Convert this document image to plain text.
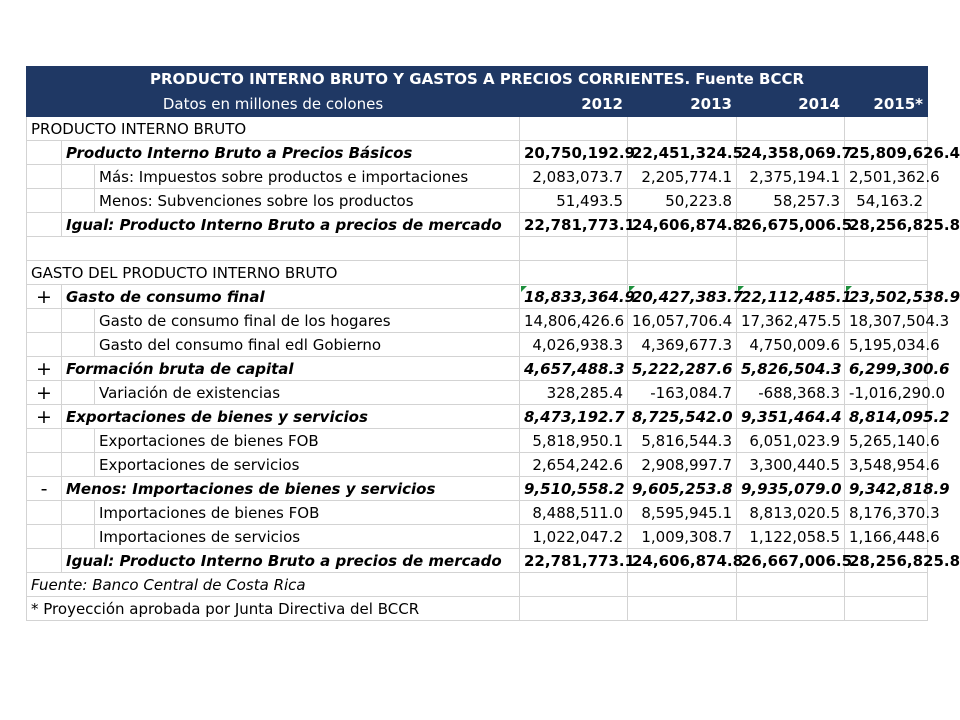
PRODUCTO INTERNO BRUTO Y GASTOS A PRECIOS CORRIENTES. Fuente BCCR						
Datos en millones de colones			2012	2013	2014	2015*
PRODUCTO INTERNO BRUTO						
	Producto Interno Bruto a Precios Básicos		20,750,192.9	22,451,324.5	24,358,069.7	25,809,626.4
		Más: Impuestos sobre productos e importaciones	2,083,073.7	2,205,774.1	2,375,194.1	2,501,362.6
		Menos: Subvenciones sobre los productos	51,493.5	50,223.8	58,257.3	54,163.2
	Igual: Producto Interno Bruto a precios de mercado		22,781,773.1	24,606,874.8	26,675,006.5	28,256,825.8

GASTO DEL PRODUCTO INTERNO BRUTO						
+	Gasto de consumo final		18,833,364.9	20,427,383.7	22,112,485.1	23,502,538.9
		Gasto de consumo final de los hogares	14,806,426.6	16,057,706.4	17,362,475.5	18,307,504.3
		Gasto del consumo final edl Gobierno	4,026,938.3	4,369,677.3	4,750,009.6	5,195,034.6
+	Formación bruta de capital		4,657,488.3	5,222,287.6	5,826,504.3	6,299,300.6
+		Variación de existencias	328,285.4	-163,084.7	-688,368.3	-1,016,290.0
+	Exportaciones de bienes y servicios		8,473,192.7	8,725,542.0	9,351,464.4	8,814,095.2
		Exportaciones de bienes FOB	5,818,950.1	5,816,544.3	6,051,023.9	5,265,140.6
		Exportaciones de servicios	2,654,242.6	2,908,997.7	3,300,440.5	3,548,954.6
-	Menos: Importaciones de bienes y servicios		9,510,558.2	9,605,253.8	9,935,079.0	9,342,818.9
		Importaciones de bienes FOB	8,488,511.0	8,595,945.1	8,813,020.5	8,176,370.3
		Importaciones de servicios	1,022,047.2	1,009,308.7	1,122,058.5	1,166,448.6
	Igual: Producto Interno Bruto a precios de mercado		22,781,773.1	24,606,874.8	26,667,006.5	28,256,825.8
Fuente: Banco Central de Costa Rica						
* Proyección aprobada por Junta Directiva del BCCR						
